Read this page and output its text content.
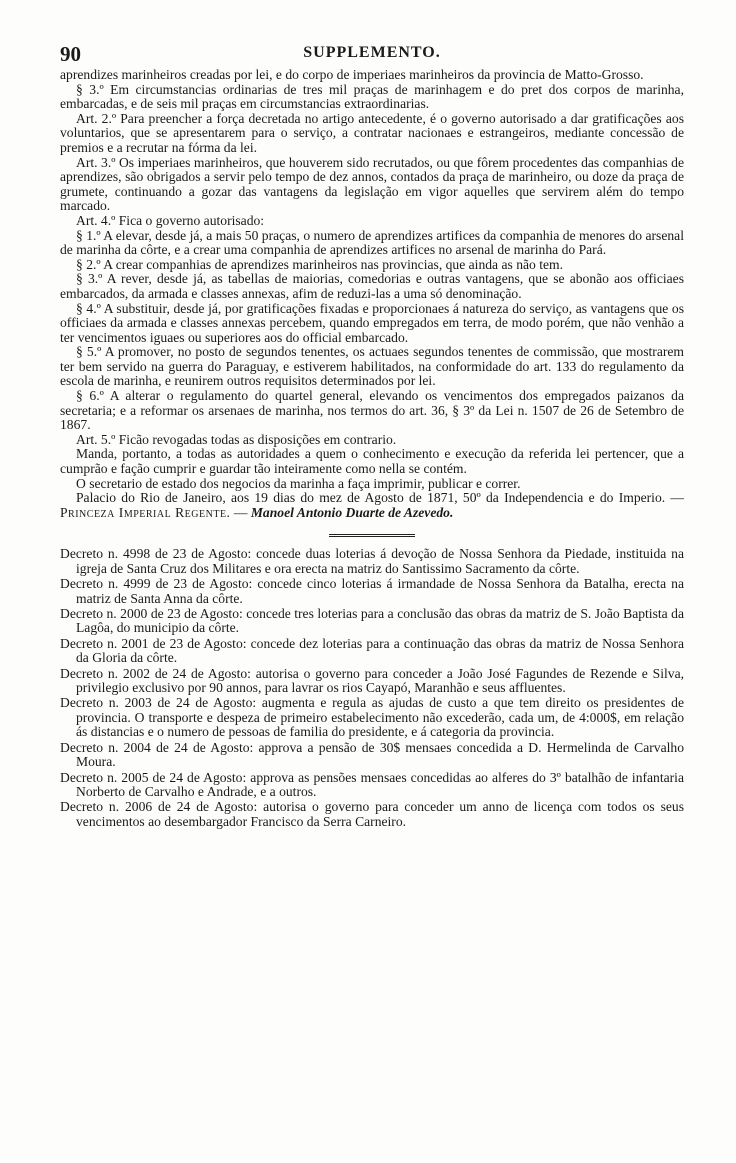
90	SUPPLEMENTO.

aprendizes marinheiros creadas por lei, e do corpo de imperiaes marinheiros da provincia de Matto-Grosso.

§ 3.º Em circumstancias ordinarias de tres mil praças de marinhagem e do pret dos corpos de marinha, embarcadas, e de seis mil praças em circumstancias extraordinarias.

Art. 2.º Para preencher a força decretada no artigo antecedente, é o governo autorisado a dar gratificações aos voluntarios, que se apresentarem para o serviço, a contratar nacionaes e estrangeiros, mediante concessão de premios e a recrutar na fórma da lei.

Art. 3.º Os imperiaes marinheiros, que houverem sido recrutados, ou que fôrem procedentes das companhias de aprendizes, são obrigados a servir pelo tempo de dez annos, contados da praça de marinheiro, ou doze da praça de grumete, continuando a gozar das vantagens da legislação em vigor aquelles que servirem além do tempo marcado.

Art. 4.º Fica o governo autorisado:

§ 1.º A elevar, desde já, a mais 50 praças, o numero de aprendizes artifices da companhia de menores do arsenal de marinha da côrte, e a crear uma companhia de aprendizes artifices no arsenal de marinha do Pará.

§ 2.º A crear companhias de aprendizes marinheiros nas provincias, que ainda as não tem.

§ 3.º A rever, desde já, as tabellas de maiorias, comedorias e outras vantagens, que se abonão aos officiaes embarcados, da armada e classes annexas, afim de reduzi-las a uma só denominação.

§ 4.º A substituir, desde já, por gratificações fixadas e proporcionaes á natureza do serviço, as vantagens que os officiaes da armada e classes annexas percebem, quando empregados em terra, de modo porém, que não venhão a ter vencimentos iguaes ou superiores aos do official embarcado.

§ 5.º A promover, no posto de segundos tenentes, os actuaes segundos tenentes de commissão, que mostrarem ter bem servido na guerra do Paraguay, e estiverem habilitados, na conformidade do art. 133 do regulamento da escola de marinha, e reunirem outros requisitos determinados por lei.

§ 6.º A alterar o regulamento do quartel general, elevando os vencimentos dos empregados paizanos da secretaria; e a reformar os arsenaes de marinha, nos termos do art. 36, § 3º da Lei n. 1507 de 26 de Setembro de 1867.

Art. 5.º Ficão revogadas todas as disposições em contrario.

Manda, portanto, a todas as autoridades a quem o conhecimento e execução da referida lei pertencer, que a cumprão e fação cumprir e guardar tão inteiramente como nella se contém.

O secretario de estado dos negocios da marinha a faça imprimir, publicar e correr.

Palacio do Rio de Janeiro, aos 19 dias do mez de Agosto de 1871, 50º da Independencia e do Imperio. — Princeza Imperial Regente. — Manoel Antonio Duarte de Azevedo.

Decreto n. 4998 de 23 de Agosto: concede duas loterias á devoção de Nossa Senhora da Piedade, instituida na igreja de Santa Cruz dos Militares e ora erecta na matriz do Santissimo Sacramento da côrte.

Decreto n. 4999 de 23 de Agosto: concede cinco loterias á irmandade de Nossa Senhora da Batalha, erecta na matriz de Santa Anna da côrte.

Decreto n. 2000 de 23 de Agosto: concede tres loterias para a conclusão das obras da matriz de S. João Baptista da Lagôa, do municipio da côrte.

Decreto n. 2001 de 23 de Agosto: concede dez loterias para a continuação das obras da matriz de Nossa Senhora da Gloria da côrte.

Decreto n. 2002 de 24 de Agosto: autorisa o governo para conceder a João José Fagundes de Rezende e Silva, privilegio exclusivo por 90 annos, para lavrar os rios Cayapó, Maranhão e seus affluentes.

Decreto n. 2003 de 24 de Agosto: augmenta e regula as ajudas de custo a que tem direito os presidentes de provincia. O transporte e despeza de primeiro estabelecimento não excederão, cada um, de 4:000$, em relação ás distancias e o numero de pessoas de familia do presidente, e á categoria da provincia.

Decreto n. 2004 de 24 de Agosto: approva a pensão de 30$ mensaes concedida a D. Hermelinda de Carvalho Moura.

Decreto n. 2005 de 24 de Agosto: approva as pensões mensaes concedidas ao alferes do 3º batalhão de infantaria Norberto de Carvalho e Andrade, e a outros.

Decreto n. 2006 de 24 de Agosto: autorisa o governo para conceder um anno de licença com todos os seus vencimentos ao desembargador Francisco da Serra Carneiro.
